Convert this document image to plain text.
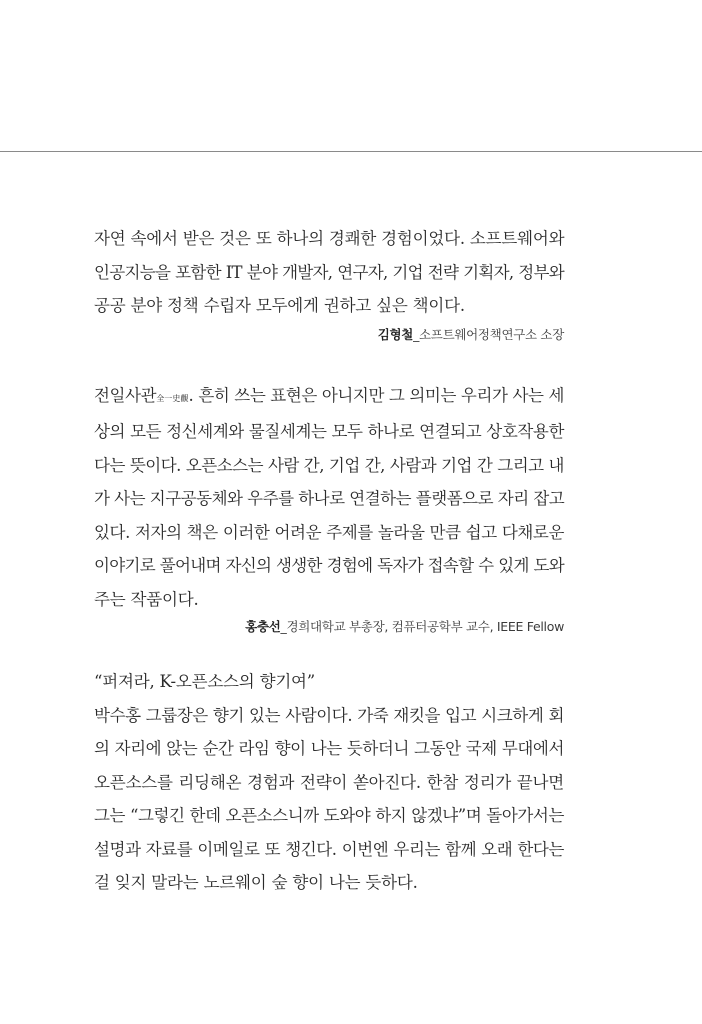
자연 속에서 받은 것은 또 하나의 경쾌한 경험이었다. 소프트웨어와
인공지능을 포함한 IT 분야 개발자, 연구자, 기업 전략 기획자, 정부와
공공 분야 정책 수립자 모두에게 권하고 싶은 책이다.

김형철_소프트웨어정책연구소 소장

전일사관全一史觀. 흔히 쓰는 표현은 아니지만 그 의미는 우리가 사는 세
상의 모든 정신세계와 물질세계는 모두 하나로 연결되고 상호작용한
다는 뜻이다. 오픈소스는 사람 간, 기업 간, 사람과 기업 간 그리고 내
가 사는 지구공동체와 우주를 하나로 연결하는 플랫폼으로 자리 잡고
있다. 저자의 책은 이러한 어려운 주제를 놀라울 만큼 쉽고 다채로운
이야기로 풀어내며 자신의 생생한 경험에 독자가 접속할 수 있게 도와
주는 작품이다.

홍충선_경희대학교 부총장, 컴퓨터공학부 교수, IEEE Fellow

“퍼져라, K-오픈소스의 향기여”

박수홍 그룹장은 향기 있는 사람이다. 가죽 재킷을 입고 시크하게 회
의 자리에 앉는 순간 라임 향이 나는 듯하더니 그동안 국제 무대에서
오픈소스를 리딩해온 경험과 전략이 쏟아진다. 한참 정리가 끝나면
그는 “그렇긴 한데 오픈소스니까 도와야 하지 않겠냐”며 돌아가서는
설명과 자료를 이메일로 또 챙긴다. 이번엔 우리는 함께 오래 한다는
걸 잊지 말라는 노르웨이 숲 향이 나는 듯하다.
